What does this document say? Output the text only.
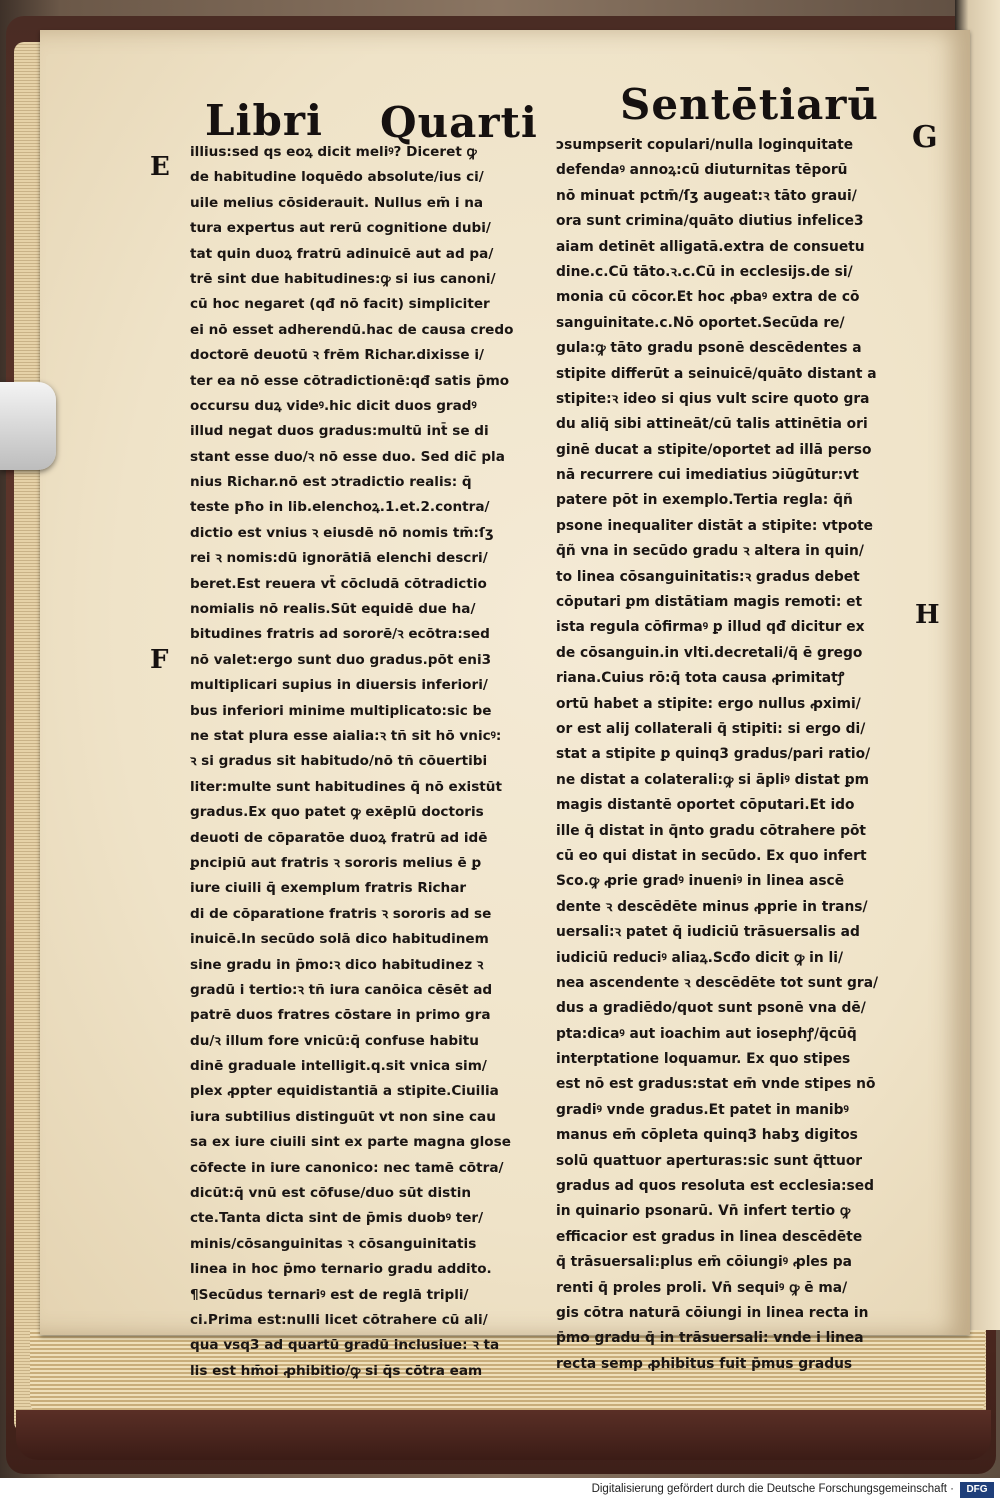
Libri Quarti Sentētiarū
G
E
F
H
illius:sed qs eoꝝ dicit meliꝰ? Diceret ꝙ
de habitudine loquēdo absolute/ius ci/
uile melius cōsiderauit. Nullus em̄ i na
tura expertus aut rerū cognitione dubi/
tat quin duoꝝ fratrū adinuicē aut ad pa/
trē sint due habitudines:ꝙ si ius canoni/
cū hoc negaret (qđ nō facit) simpliciter
ei nō esset adherendū.hac de causa credo
doctorē deuotū ꝛ frēm Richar.dixisse i/
ter ea nō esse cōtradictionē:qđ satis p̄mo
occursu duꝝ videꝰ.hic dicit duos gradꝰ
illud negat duos gradus:multū int̄ se di
stant esse duo/ꝛ nō esse duo. Sed dic̄ pla
nius Richar.nō est ɔtradictio realis: q̄
teste pħo in lib.elenchoꝝ.1.et.2.contra/
dictio est vnius ꝛ eiusdē nō nomis tm̄:ſʒ
rei ꝛ nomis:dū ignorātiā elenchi descri/
beret.Est reuera vt̄ cōcludā cōtradictio
nomialis nō realis.Sūt equidē due ha/
bitudines fratris ad sororē/ꝛ ecōtra:sed
nō valet:ergo sunt duo gradus.pōt eni3
multiplicari supius in diuersis inferiori/
bus inferiori minime multiplicato:sic be
ne stat plura esse aialia:ꝛ tñ sit hō vnicꝰ:
ꝛ si gradus sit habitudo/nō tñ cōuertibi
liter:multe sunt habitudines q̄ nō existūt
gradus.Ex quo patet ꝙ exēplū doctoris
deuoti de cōparatōe duoꝝ fratrū ad idē
ꝑncipiū aut fratris ꝛ sororis melius ē ꝑ
iure ciuili q̄ exemplum fratris Richar
di de cōparatione fratris ꝛ sororis ad se
inuicē.In secūdo solā dico habitudinem
sine gradu in p̄mo:ꝛ dico habitudinez ꝛ
gradū i tertio:ꝛ tñ iura canōica cēsēt ad
patrē duos fratres cōstare in primo gra
du/ꝛ illum fore vnicū:q̄ confuse habitu
dinē graduale intelligit.q.sit vnica sim/
plex ꝓpter equidistantiā a stipite.Ciuilia
iura subtilius distinguūt vt non sine cau
sa ex iure ciuili sint ex parte magna glose
cōfecte in iure canonico: nec tamē cōtra/
dicūt:q̄ vnū est cōfuse/duo sūt distin
cte.Tanta dicta sint de p̄mis duobꝰ ter/
minis/cōsanguinitas ꝛ cōsanguinitatis
linea in hoc p̄mo ternario gradu addito.
¶Secūdus ternariꝰ est de reglā tripli/
ci.Prima est:nulli licet cōtrahere cū ali/
qua vsq3 ad quartū gradū inclusiue: ꝛ ta
lis est hm̄oi ꝓhibitio/ꝙ si q̄s cōtra eam
ɔsumpserit copulari/nulla loginquitate
defendaꝰ annoꝝ:cū diuturnitas tēporū
nō minuat pctm̄/ſʒ augeat:ꝛ tāto graui/
ora sunt crimina/quāto diutius infelice3
aiam detinēt alligatā.extra de consuetu
dine.c.Cū tāto.ꝛ.c.Cū in ecclesijs.de si/
monia cū cōcor.Et hoc ꝓbaꝰ extra de cō
sanguinitate.c.Nō oportet.Secūda re/
gula:ꝙ tāto gradu psonē descēdentes a
stipite differūt a seinuicē/quāto distant a
stipite:ꝛ ideo si qius vult scire quoto gra
du aliq̄ sibi attineāt/cū talis attinētia ori
ginē ducat a stipite/oportet ad illā perso
nā recurrere cui imediatius ɔiūgūtur:vt
patere pōt in exemplo.Tertia regla: q̄ñ
psone inequaliter distāt a stipite: vtpote
q̄ñ vna in secūdo gradu ꝛ altera in quin/
to linea cōsanguinitatis:ꝛ gradus debet
cōputari ꝑm distātiam magis remoti: et
ista regula cōfirmaꝰ ꝑ illud qđ dicitur ex
de cōsanguin.in vlti.decretali/q̄ ē grego
riana.Cuius rō:q̄ tota causa ꝓrimitatꝭ
ortū habet a stipite: ergo nullus ꝓximi/
or est alij collaterali q̄ stipiti: si ergo di/
stat a stipite ꝑ quinq3 gradus/pari ratio/
ne distat a colaterali:ꝙ si āpliꝰ distat ꝑm
magis distantē oportet cōputari.Et ido
ille q̄ distat in q̄nto gradu cōtrahere pōt
cū eo qui distat in secūdo. Ex quo infert
Sco.ꝙ ꝓrie gradꝰ inueniꝰ in linea ascē
dente ꝛ descēdēte minus ꝓprie in trans/
uersali:ꝛ patet q̄ iudiciū trāsuersalis ad
iudiciū reduciꝰ aliaꝝ.Scđo dicit ꝙ in li/
nea ascendente ꝛ descēdēte tot sunt gra/
dus a gradiēdo/quot sunt psonē vna dē/
pta:dicaꝰ aut ioachim aut iosephꝭ/q̄cūq̄
interptatione loquamur. Ex quo stipes
est nō est gradus:stat em̄ vnde stipes nō
gradiꝰ vnde gradus.Et patet in manibꝰ
manus em̄ cōpleta quinq3 habʒ digitos
solū quattuor aperturas:sic sunt q̄ttuor
gradus ad quos resoluta est ecclesia:sed
in quinario psonarū. Vn̄ infert tertio ꝙ
efficacior est gradus in linea descēdēte
q̄ trāsuersali:plus em̄ cōiungiꝰ ꝓles pa
renti q̄ proles proli. Vn̄ sequiꝰ ꝙ ē ma/
gis cōtra naturā cōiungi in linea recta in
p̄mo gradu q̄ in trāsuersali: vnde i linea
recta semp ꝓhibitus fuit p̄mus gradus
Digitalisierung gefördert durch die Deutsche Forschungsgemeinschaft ·	DFG
